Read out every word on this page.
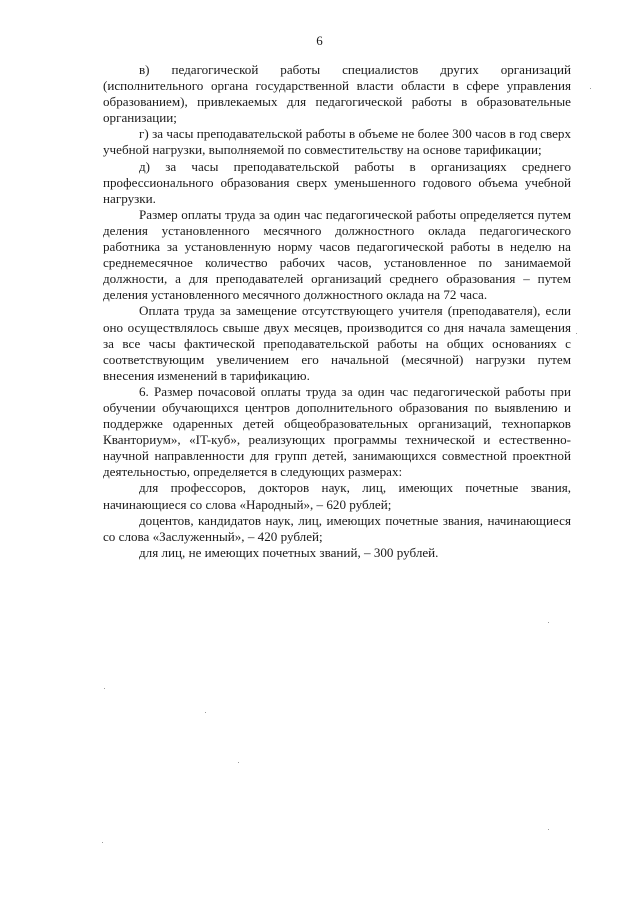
6

в) педагогической работы специалистов других организаций (исполнительного органа государственной власти области в сфере управления образованием), привлекаемых для педагогической работы в образовательные организации;

г) за часы преподавательской работы в объеме не более 300 часов в год сверх учебной нагрузки, выполняемой по совместительству на основе тарификации;

д) за часы преподавательской работы в организациях среднего профессионального образования сверх уменьшенного годового объема учебной нагрузки.

Размер оплаты труда за один час педагогической работы определяется путем деления установленного месячного должностного оклада педагогического работника за установленную норму часов педагогической работы в неделю на среднемесячное количество рабочих часов, установленное по занимаемой должности, а для преподавателей организаций среднего образования – путем деления установленного месячного должностного оклада на 72 часа.

Оплата труда за замещение отсутствующего учителя (преподавателя), если оно осуществлялось свыше двух месяцев, производится со дня начала замещения за все часы фактической преподавательской работы на общих основаниях с соответствующим увеличением его начальной (месячной) нагрузки путем внесения изменений в тарификацию.

6. Размер почасовой оплаты труда за один час педагогической работы при обучении обучающихся центров дополнительного образования по выявлению и поддержке одаренных детей общеобразовательных организаций, технопарков Кванториум», «IT-куб», реализующих программы технической и естественно-научной направленности для групп детей, занимающихся совместной проектной деятельностью, определяется в следующих размерах:

для профессоров, докторов наук, лиц, имеющих почетные звания, начинающиеся со слова «Народный», – 620 рублей;

доцентов, кандидатов наук, лиц, имеющих почетные звания, начинающиеся со слова «Заслуженный», – 420 рублей;

для лиц, не имеющих почетных званий, – 300 рублей.
